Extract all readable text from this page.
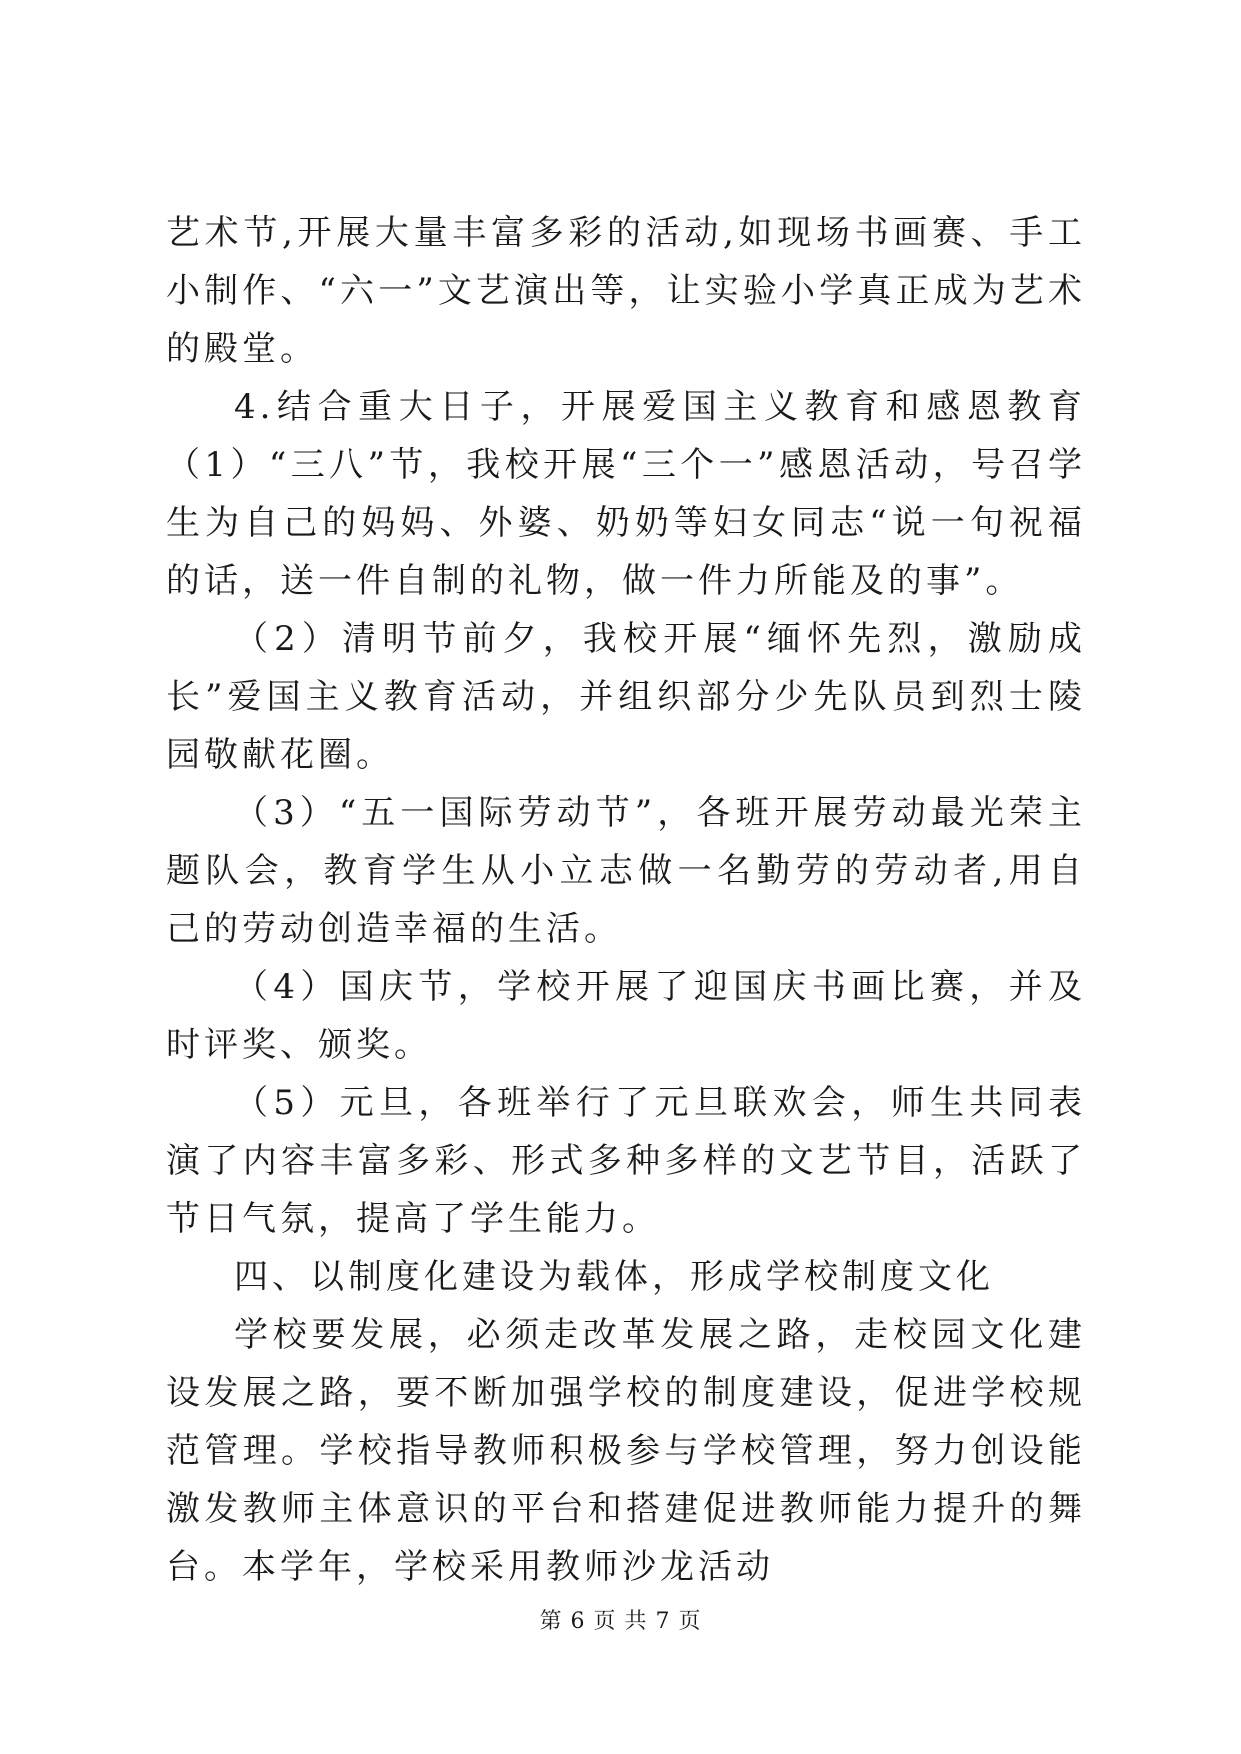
艺术节,开展大量丰富多彩的活动,如现场书画赛、手工小制作、“六一”文艺演出等，让实验小学真正成为艺术的殿堂。

4.结合重大日子，开展爱国主义教育和感恩教育（1）“三八”节，我校开展“三个一”感恩活动，号召学生为自己的妈妈、外婆、奶奶等妇女同志“说一句祝福的话，送一件自制的礼物，做一件力所能及的事”。

（2）清明节前夕，我校开展“缅怀先烈，激励成长”爱国主义教育活动，并组织部分少先队员到烈士陵园敬献花圈。

（3）“五一国际劳动节”，各班开展劳动最光荣主题队会，教育学生从小立志做一名勤劳的劳动者,用自己的劳动创造幸福的生活。

（4）国庆节，学校开展了迎国庆书画比赛，并及时评奖、颁奖。

（5）元旦，各班举行了元旦联欢会，师生共同表演了内容丰富多彩、形式多种多样的文艺节目，活跃了节日气氛，提高了学生能力。

四、以制度化建设为载体，形成学校制度文化

学校要发展，必须走改革发展之路，走校园文化建设发展之路，要不断加强学校的制度建设，促进学校规范管理。学校指导教师积极参与学校管理，努力创设能激发教师主体意识的平台和搭建促进教师能力提升的舞台。本学年，学校采用教师沙龙活动

第 6 页 共 7 页
